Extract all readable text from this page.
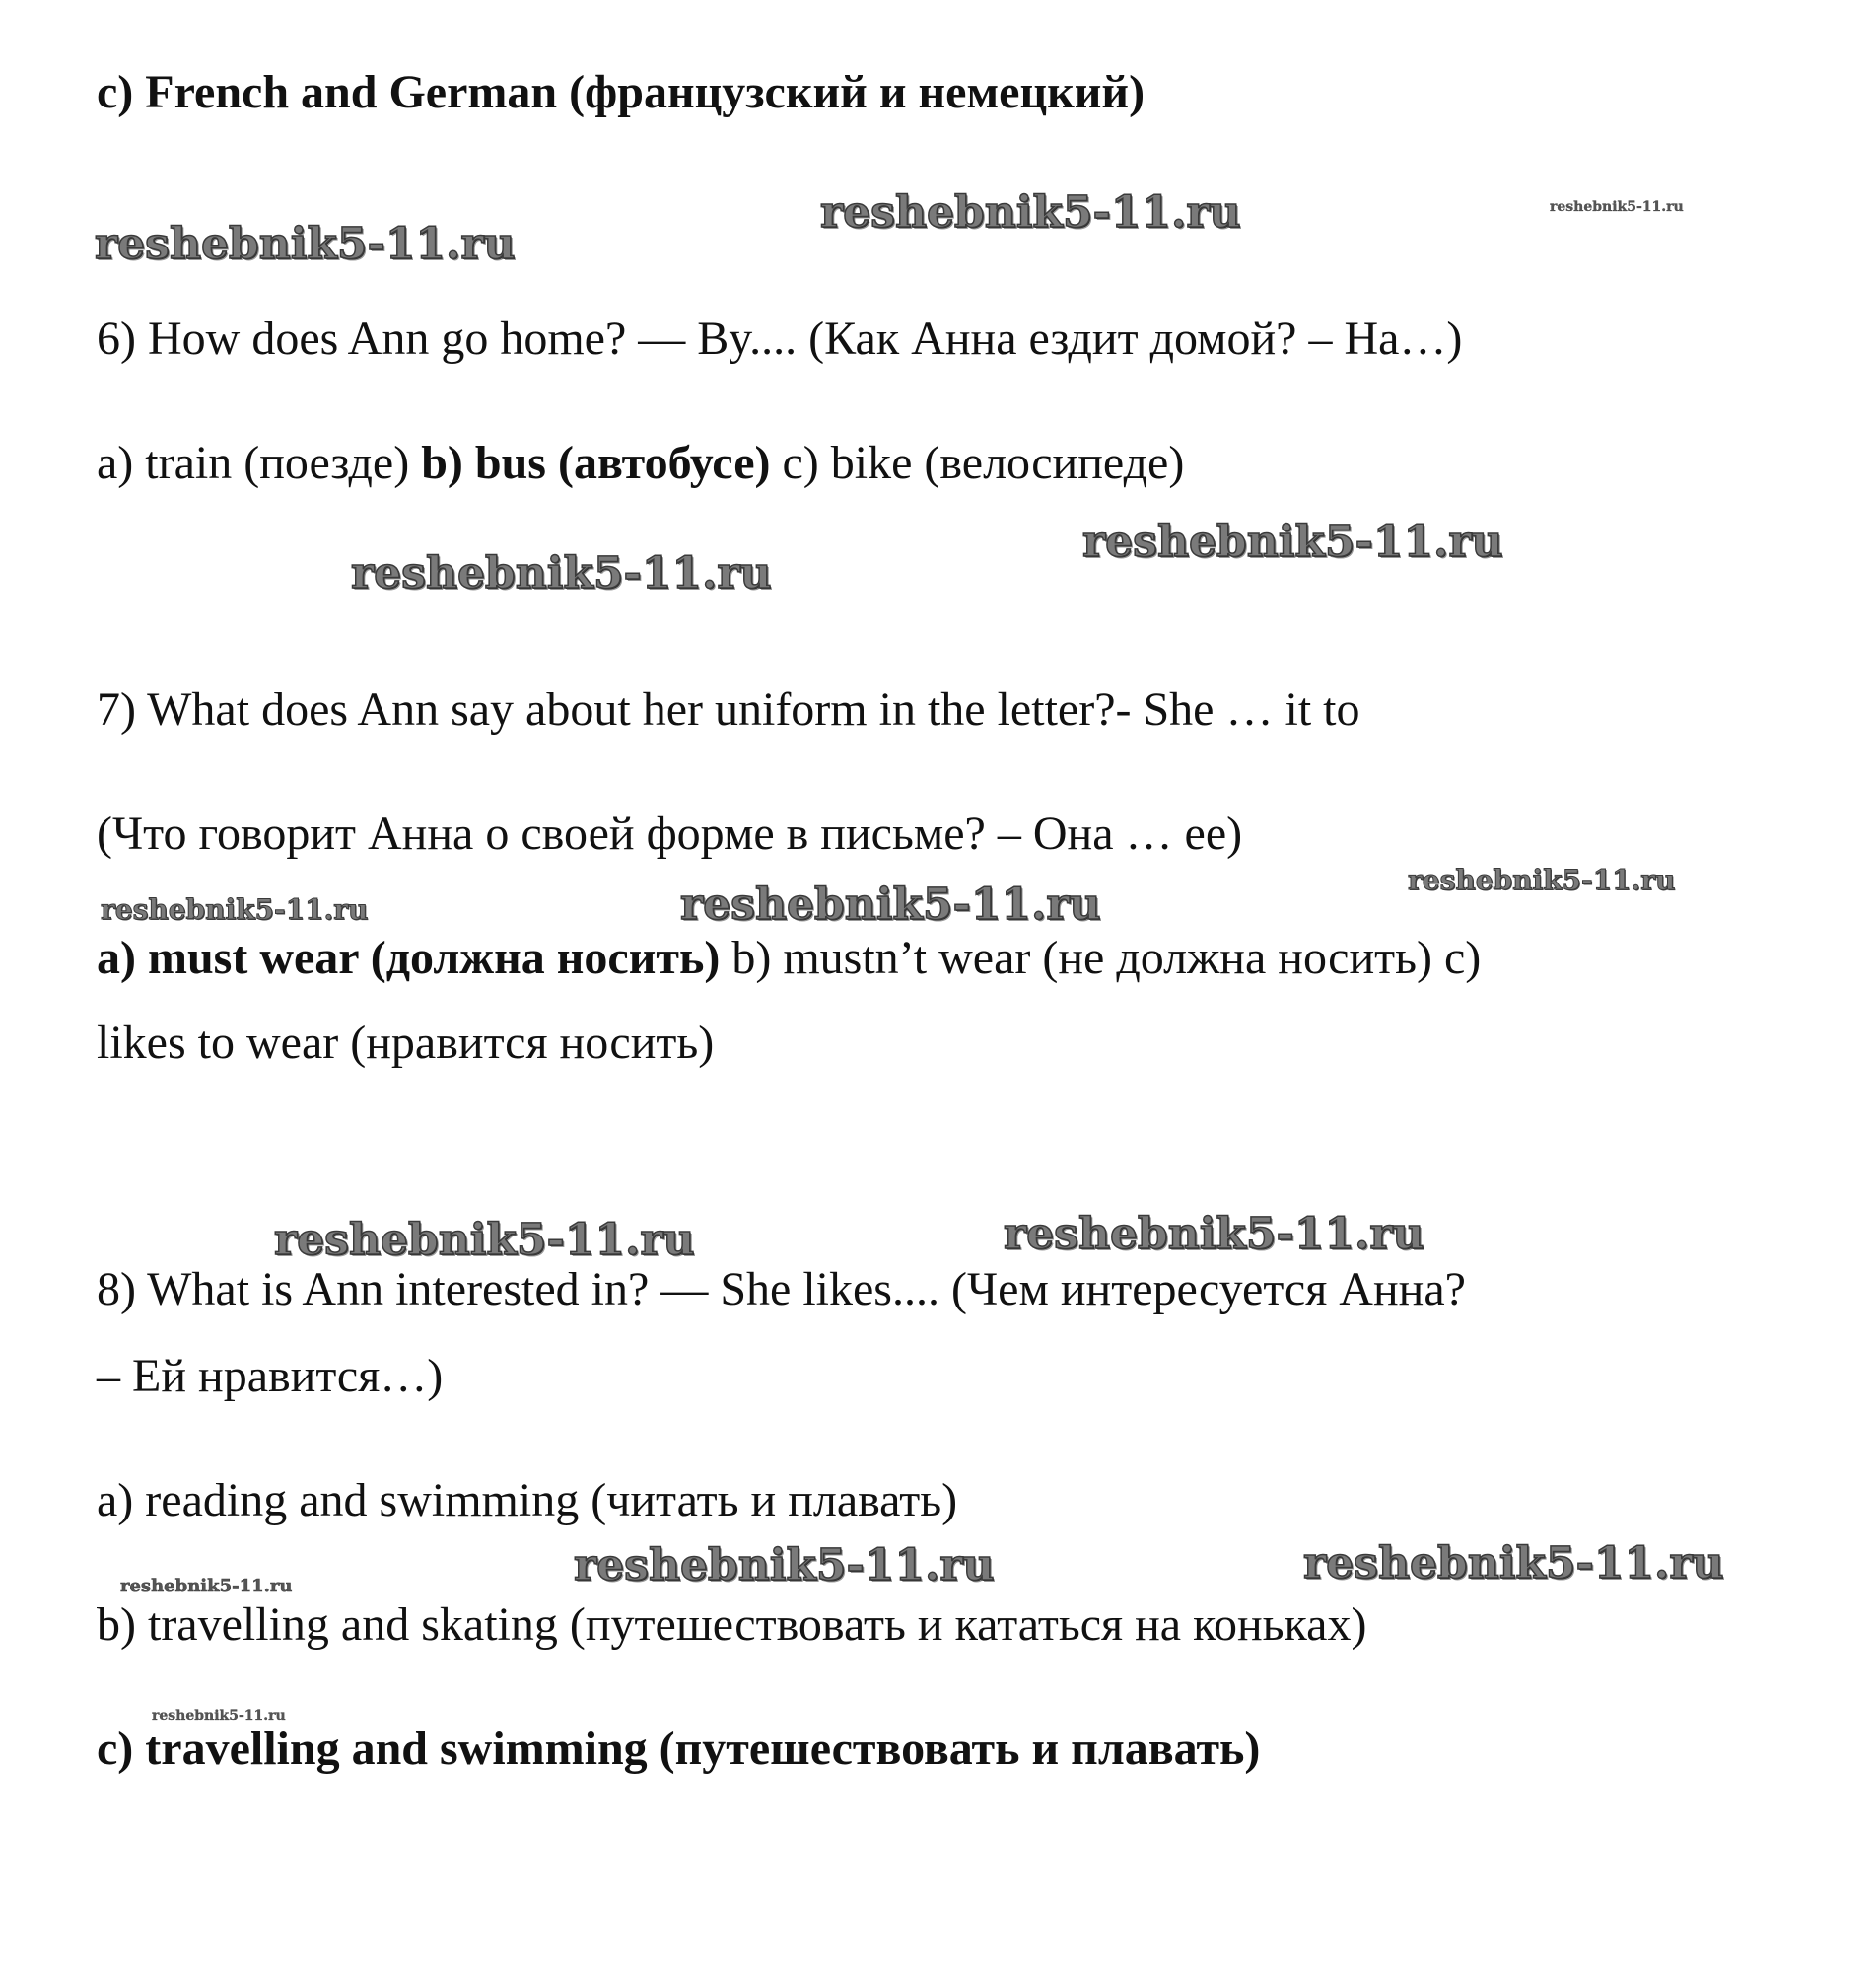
reshebnik5-11.ru
reshebnik5-11.ru	reshebnik5-11.ru
reshebnik5-11.ru
reshebnik5-11.ru
reshebnik5-11.ru	reshebnik5-11.ru	reshebnik5-11.ru
reshebnik5-11.ru	reshebnik5-11.ru
reshebnik5-11.ru	reshebnik5-11.ru	reshebnik5-11.ru
reshebnik5-11.ru
c) French and German (французский и немецкий)
6) How does Ann go home? — By.... (Как Анна ездит домой? – На…)
a) train (поезде) b) bus (автобусе) c) bike (велосипеде)
7) What does Ann say about her uniform in the letter?- She … it to
(Что говорит Анна о своей форме в письме? – Она … ее)
a) must wear (должна носить) b) mustn’t wear (не должна носить) c)
likes to wear (нравится носить)
8) What is Ann interested in? — She likes.... (Чем интересуется Анна?
– Ей нравится…)
a) reading and swimming (читать и плавать)
b) travelling and skating (путешествовать и кататься на коньках)
c) travelling and swimming (путешествовать и плавать)
